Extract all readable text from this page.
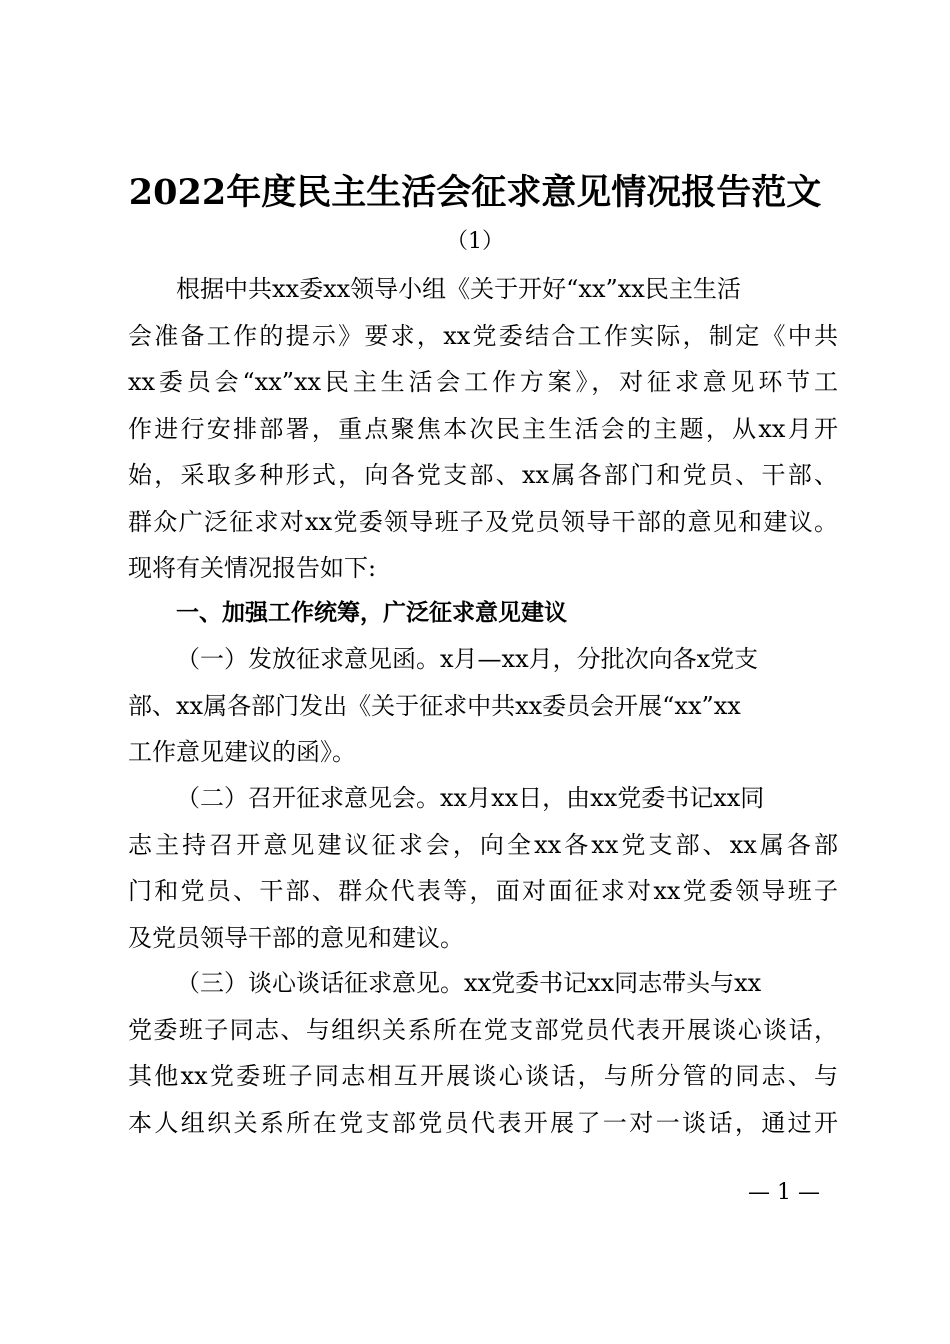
2022年度民主生活会征求意见情况报告范文
（1）
根据中共xx委xx领导小组《关于开好“xx”xx民主生活
会准备工作的提示》要求，xx党委结合工作实际，制定《中共
xx委员会“xx”xx民主生活会工作方案》，对征求意见环节工
作进行安排部署，重点聚焦本次民主生活会的主题，从xx月开
始，采取多种形式，向各党支部、xx属各部门和党员、干部、
群众广泛征求对xx党委领导班子及党员领导干部的意见和建议。
现将有关情况报告如下:
一、加强工作统筹，广泛征求意见建议
（一）发放征求意见函。x月—xx月，分批次向各x党支
部、xx属各部门发出《关于征求中共xx委员会开展“xx”xx
工作意见建议的函》。
（二）召开征求意见会。xx月xx日，由xx党委书记xx同
志主持召开意见建议征求会，向全xx各xx党支部、xx属各部
门和党员、干部、群众代表等，面对面征求对xx党委领导班子
及党员领导干部的意见和建议。
（三）谈心谈话征求意见。xx党委书记xx同志带头与xx
党委班子同志、与组织关系所在党支部党员代表开展谈心谈话，
其他xx党委班子同志相互开展谈心谈话，与所分管的同志、与
本人组织关系所在党支部党员代表开展了一对一谈话，通过开
— 1 —
